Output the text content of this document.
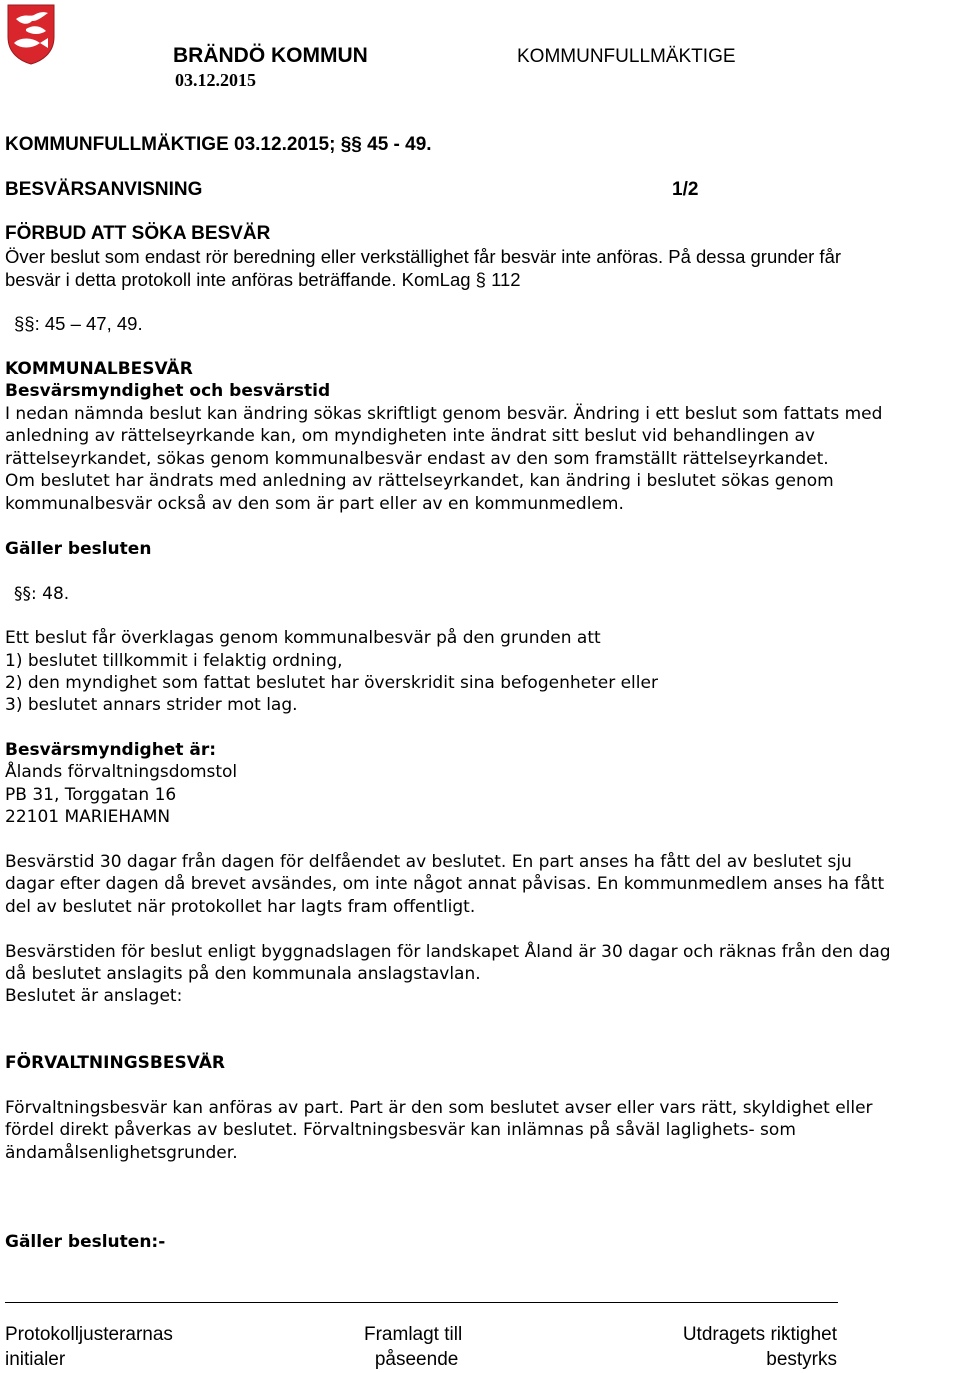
BRÄNDÖ KOMMUN
03.12.2015
KOMMUNFULLMÄKTIGE
KOMMUNFULLMÄKTIGE 03.12.2015; §§ 45 - 49.
BESVÄRSANVISNING	1/2
FÖRBUD ATT SÖKA BESVÄR
Över beslut som endast rör beredning eller verkställighet får besvär inte anföras. På dessa grunder får
besvär i detta protokoll inte anföras beträffande. KomLag § 112
§§: 45 – 47, 49.
KOMMUNALBESVÄR
Besvärsmyndighet och besvärstid
I nedan nämnda beslut kan ändring sökas skriftligt genom besvär. Ändring i ett beslut som fattats med
anledning av rättelseyrkande kan, om myndigheten inte ändrat sitt beslut vid behandlingen av
rättelseyrkandet, sökas genom kommunalbesvär endast av den som framställt rättelseyrkandet.
Om beslutet har ändrats med anledning av rättelseyrkandet, kan ändring i beslutet sökas genom
kommunalbesvär också av den som är part eller av en kommunmedlem.
Gäller besluten
§§: 48.
Ett beslut får överklagas genom kommunalbesvär på den grunden att
1) beslutet tillkommit i felaktig ordning,
2) den myndighet som fattat beslutet har överskridit sina befogenheter eller
3) beslutet annars strider mot lag.
Besvärsmyndighet är:
Ålands förvaltningsdomstol
PB 31, Torggatan 16
22101 MARIEHAMN
Besvärstid 30 dagar från dagen för delfåendet av beslutet. En part anses ha fått del av beslutet sju
dagar efter dagen då brevet avsändes, om inte något annat påvisas. En kommunmedlem anses ha fått
del av beslutet när protokollet har lagts fram offentligt.
Besvärstiden för beslut enligt byggnadslagen för landskapet Åland är 30 dagar och räknas från den dag
då beslutet anslagits på den kommunala anslagstavlan.
Beslutet är anslaget:
FÖRVALTNINGSBESVÄR
Förvaltningsbesvär kan anföras av part. Part är den som beslutet avser eller vars rätt, skyldighet eller
fördel direkt påverkas av beslutet. Förvaltningsbesvär kan inlämnas på såväl laglighets- som
ändamålsenlighetsgrunder.
Gäller besluten:-
Protokolljusterarnas
initialer
Framlagt till
påseende
Utdragets riktighet
bestyrks
